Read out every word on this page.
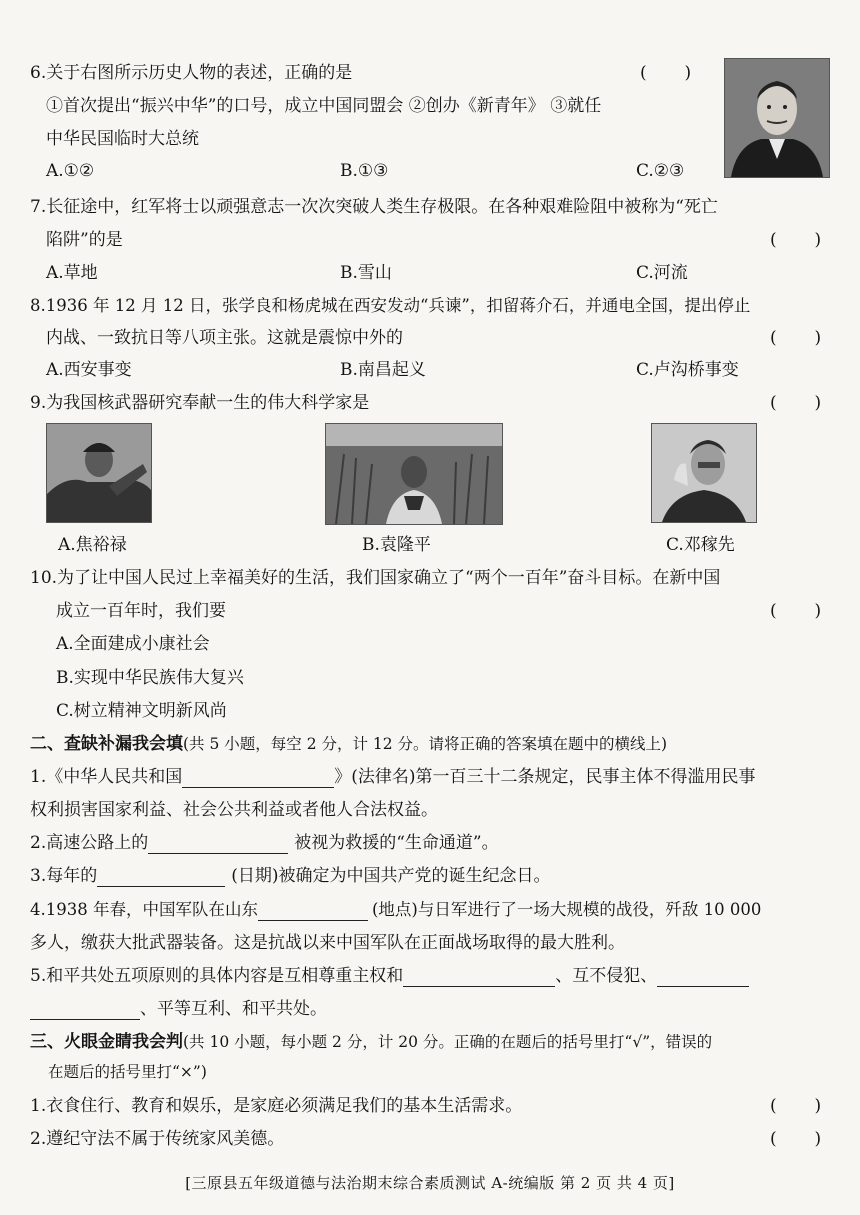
6.关于右图所示历史人物的表述，正确的是	(       )
①首次提出“振兴中华”的口号，成立中国同盟会 ②创办《新青年》 ③就任
中华民国临时大总统
A.①②	B.①③	C.②③
7.长征途中，红军将士以顽强意志一次次突破人类生存极限。在各种艰难险阻中被称为“死亡
陷阱”的是	(       )
A.草地	B.雪山	C.河流
8.1936 年 12 月 12 日，张学良和杨虎城在西安发动“兵谏”，扣留蒋介石，并通电全国，提出停止
内战、一致抗日等八项主张。这就是震惊中外的	(       )
A.西安事变	B.南昌起义	C.卢沟桥事变
9.为我国核武器研究奉献一生的伟大科学家是	(       )
A.焦裕禄	B.袁隆平	C.邓稼先
10.为了让中国人民过上幸福美好的生活，我们国家确立了“两个一百年”奋斗目标。在新中国
成立一百年时，我们要	(       )
A.全面建成小康社会
B.实现中华民族伟大复兴
C.树立精神文明新风尚
二、查缺补漏我会填(共 5 小题，每空 2 分，计 12 分。请将正确的答案填在题中的横线上)
1.《中华人民共和国	》(法律名)第一百三十二条规定，民事主体不得滥用民事
权利损害国家利益、社会公共利益或者他人合法权益。
2.高速公路上的	被视为救援的“生命通道”。
3.每年的	(日期)被确定为中国共产党的诞生纪念日。
4.1938 年春，中国军队在山东	(地点)与日军进行了一场大规模的战役，歼敌 10 000
多人，缴获大批武器装备。这是抗战以来中国军队在正面战场取得的最大胜利。
5.和平共处五项原则的具体内容是互相尊重主权和	、互不侵犯、
、平等互利、和平共处。
三、火眼金睛我会判(共 10 小题，每小题 2 分，计 20 分。正确的在题后的括号里打“√”，错误的
在题后的括号里打“×”)
1.衣食住行、教育和娱乐，是家庭必须满足我们的基本生活需求。	(       )
2.遵纪守法不属于传统家风美德。	(       )
[三原县五年级道德与法治期末综合素质测试 A-统编版 第 2 页 共 4 页]
